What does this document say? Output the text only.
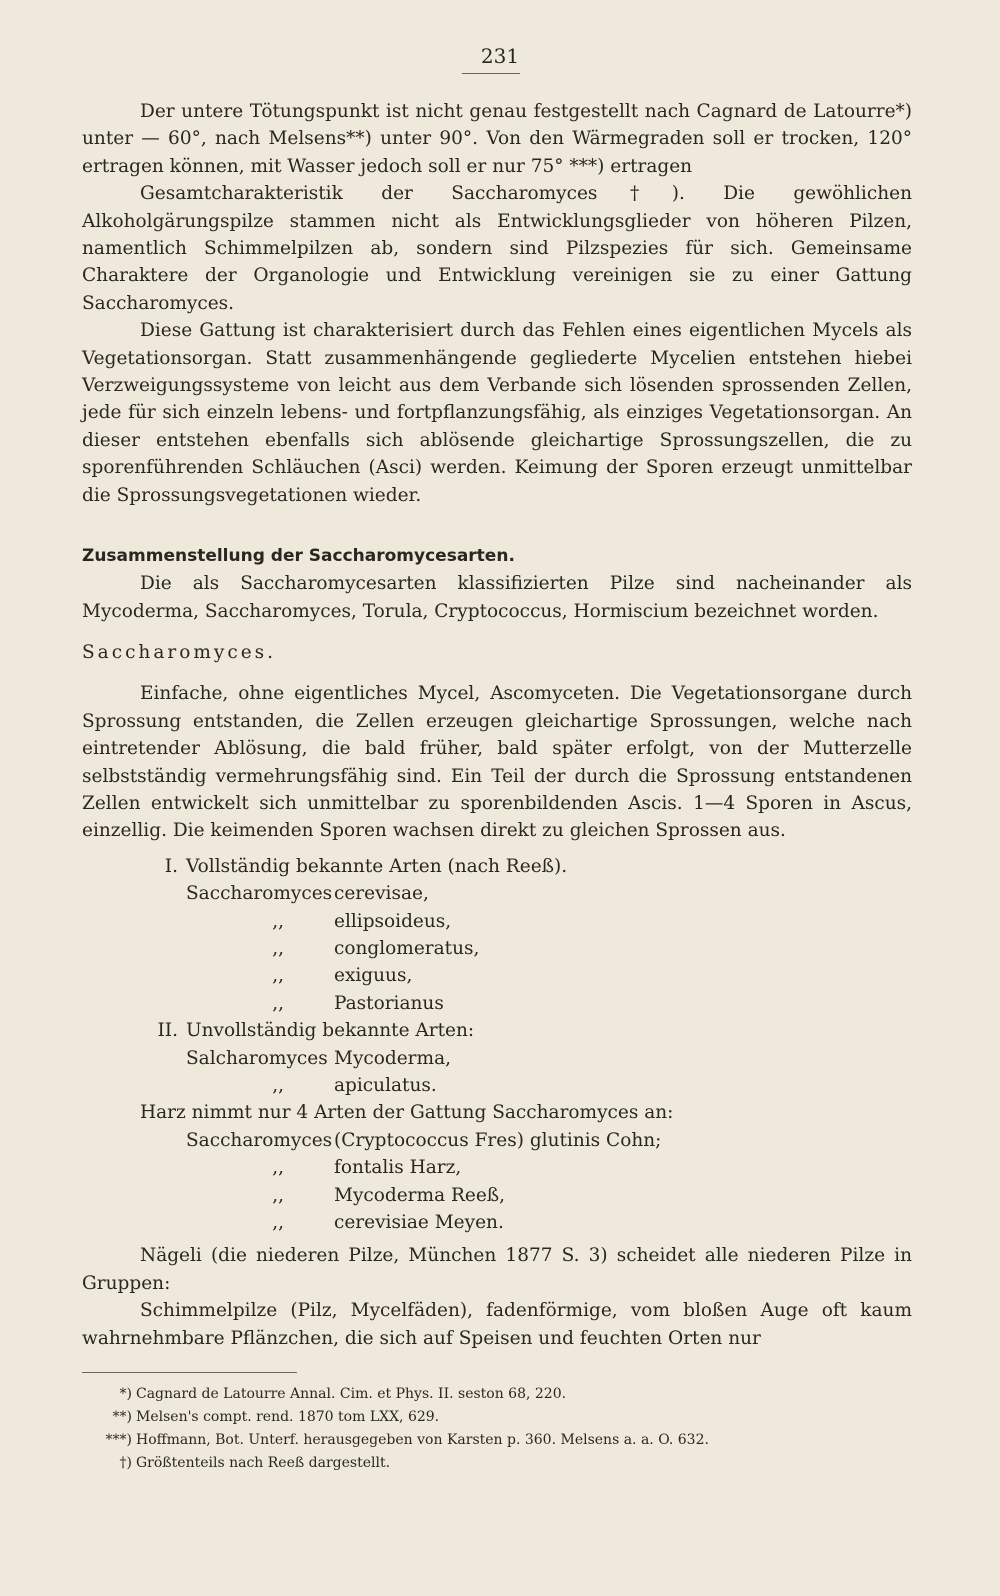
231

Der untere Tötungspunkt ist nicht genau festgestellt nach Cagnard de Latourre*) unter — 60°, nach Melsens**) unter 90°. Von den Wärmegraden soll er trocken, 120° ertragen können, mit Wasser jedoch soll er nur 75° ***) ertragen

Gesamtcharakteristik der Saccharomyces†). Die gewöhlichen Alkoholgärungspilze stammen nicht als Entwicklungsglieder von höheren Pilzen, namentlich Schimmelpilzen ab, sondern sind Pilzspezies für sich. Gemeinsame Charaktere der Organologie und Entwicklung vereinigen sie zu einer Gattung Saccharomyces.

Diese Gattung ist charakterisiert durch das Fehlen eines eigentlichen Mycels als Vegetationsorgan. Statt zusammenhängende gegliederte Mycelien entstehen hiebei Verzweigungssysteme von leicht aus dem Verbande sich lösenden sprossenden Zellen, jede für sich einzeln lebens- und fortpflanzungsfähig, als einziges Vegetationsorgan. An dieser entstehen ebenfalls sich ablösende gleichartige Sprossungszellen, die zu sporenführenden Schläuchen (Asci) werden. Keimung der Sporen erzeugt unmittelbar die Sprossungsvegetationen wieder.

Zusammenstellung der Saccharomycesarten.

Die als Saccharomycesarten klassifizierten Pilze sind nacheinander als Mycoderma, Saccharomyces, Torula, Cryptococcus, Hormiscium bezeichnet worden.

Saccharomyces.

Einfache, ohne eigentliches Mycel, Ascomyceten. Die Vegetationsorgane durch Sprossung entstanden, die Zellen erzeugen gleichartige Sprossungen, welche nach eintretender Ablösung, die bald früher, bald später erfolgt, von der Mutterzelle selbstständig vermehrungsfähig sind. Ein Teil der durch die Sprossung entstandenen Zellen entwickelt sich unmittelbar zu sporenbildenden Ascis. 1—4 Sporen in Ascus, einzellig. Die keimenden Sporen wachsen direkt zu gleichen Sprossen aus.

I. Vollständig bekannte Arten (nach Reeß).
Saccharomyces cerevisae,
,,	ellipsoideus,
,,	conglomeratus,
,,	exiguus,
,,	Pastorianus
II. Unvollständig bekannte Arten:
Salcharomyces Mycoderma,
,,	apiculatus.

Harz nimmt nur 4 Arten der Gattung Saccharomyces an:

Saccharomyces (Cryptococcus Fres) glutinis Cohn;
,,	fontalis Harz,
,,	Mycoderma Reeß,
,,	cerevisiae Meyen.

Nägeli (die niederen Pilze, München 1877 S. 3) scheidet alle niederen Pilze in Gruppen:

Schimmelpilze (Pilz, Mycelfäden), fadenförmige, vom bloßen Auge oft kaum wahrnehmbare Pflänzchen, die sich auf Speisen und feuchten Orten nur

*) Cagnard de Latourre Annal. Cim. et Phys. II. seston 68, 220.
**) Melsen's compt. rend. 1870 tom LXX, 629.
***) Hoffmann, Bot. Unterf. herausgegeben von Karsten p. 360. Melsens a. a. O. 632.
†) Größtenteils nach Reeß dargestellt.
